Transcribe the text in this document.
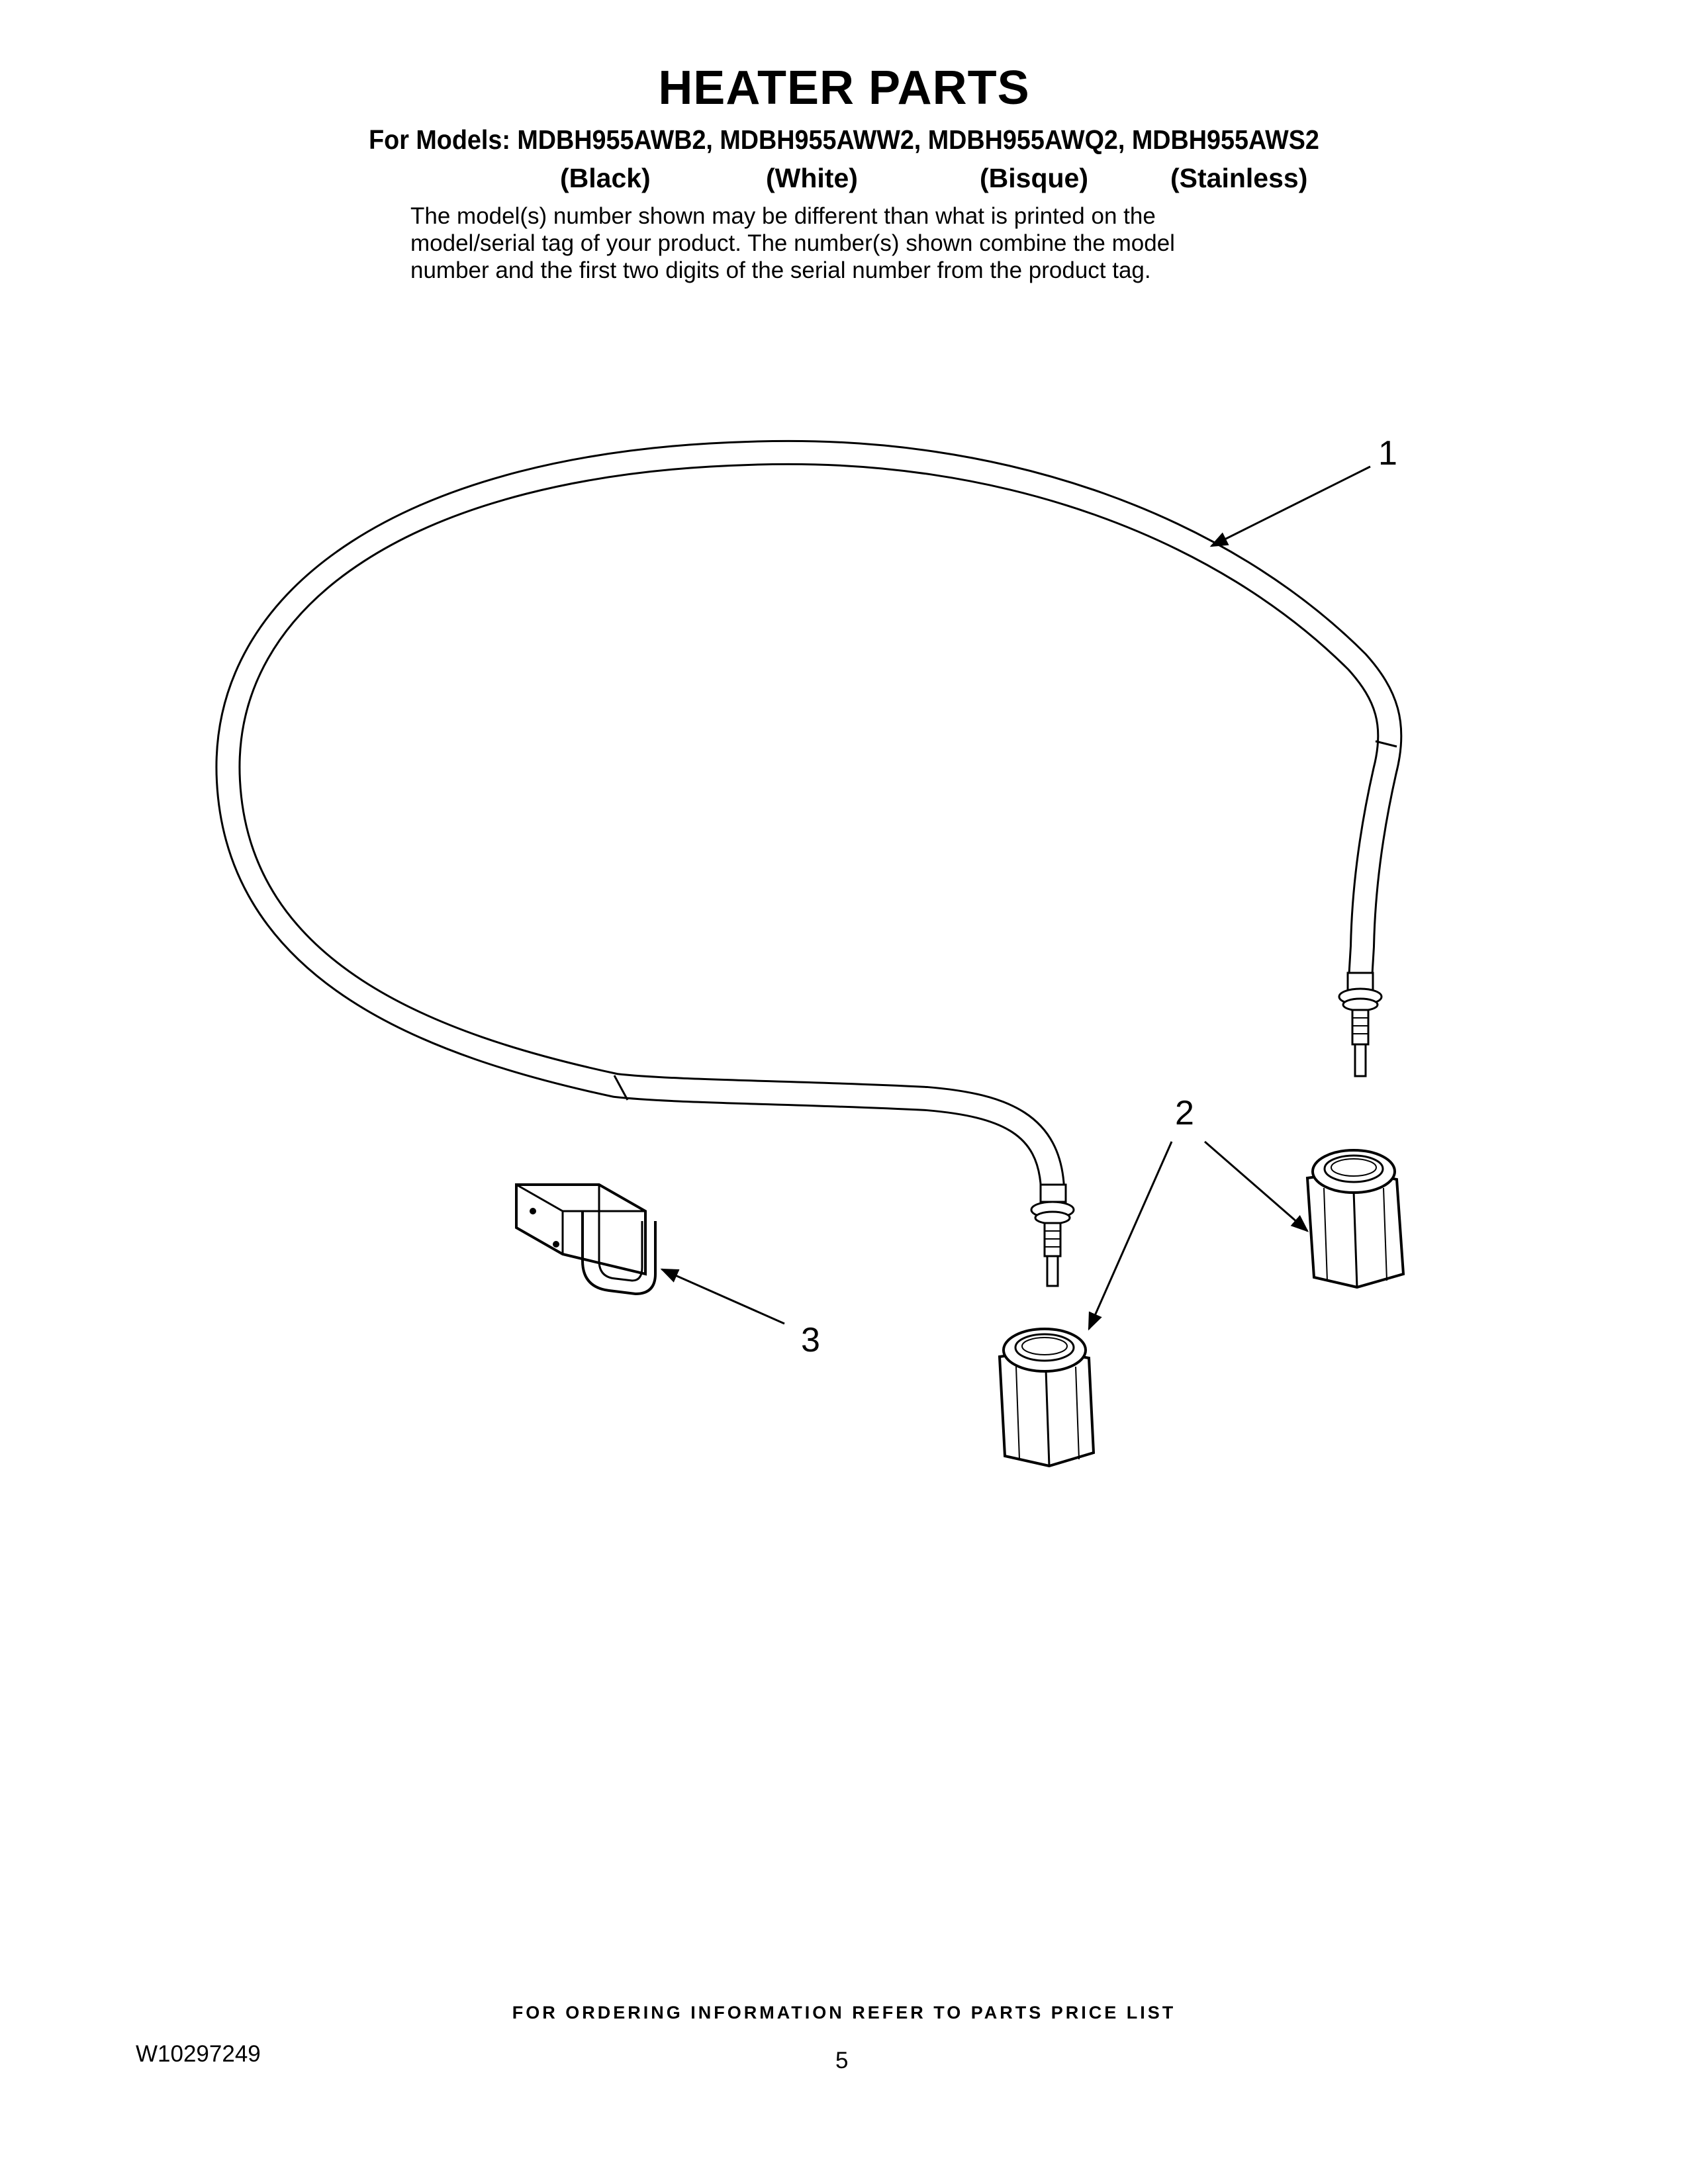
HEATER PARTS
For Models: MDBH955AWB2, MDBH955AWW2, MDBH955AWQ2, MDBH955AWS2
(Black)	(White)	(Bisque)	(Stainless)
The model(s) number shown may be different than what is printed on the
model/serial tag of your product. The number(s) shown combine the model
number and the first two digits of the serial number from the product tag.
1
2
3
FOR ORDERING INFORMATION REFER TO PARTS PRICE LIST
W10297249	5
